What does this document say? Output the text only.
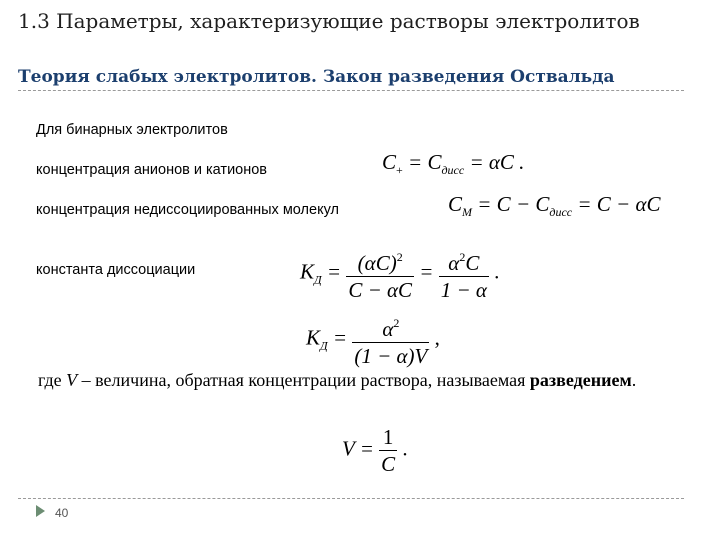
1.3 Параметры, характеризующие растворы электролитов
Теория слабых электролитов. Закон разведения Оствальда
Для бинарных электролитов
концентрация анионов и катионов	$C_+ = C_{дисс} = \alpha C$ .
концентрация недиссоциированных молекул	$C_M = C - C_{дисс} = C - \alpha C$
константа диссоциации	$K_Д = \frac{(\alpha C)^2}{C - \alpha C} = \frac{\alpha^2C}{1 - \alpha}$ .
$K_Д = \frac{\alpha^2}{(1 - \alpha)V}$ ,
где V – величина, обратная концентрации раствора, называемая разведением.
$V = \frac{1}{C}$ .
40
